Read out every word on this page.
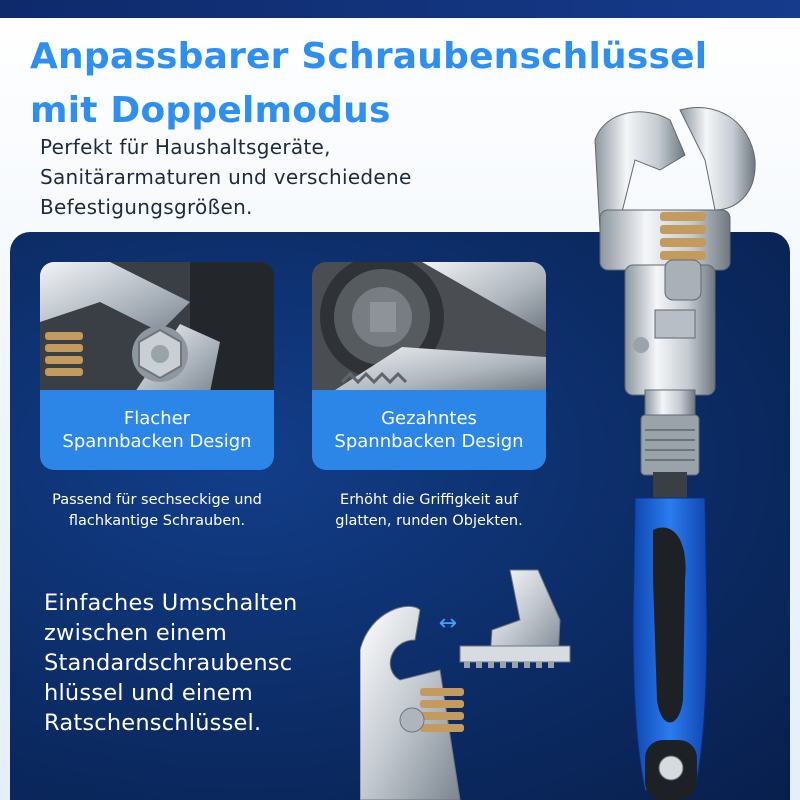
Anpassbarer Schraubenschlüssel mit Doppelmodus

Perfekt für Haushaltsgeräte, Sanitärarmaturen und verschiedene Befestigungsgrößen.

Flacher Spannbacken Design
Gezahntes Spannbacken Design

Passend für sechseckige und flachkantige Schrauben.

Erhöht die Griffigkeit auf glatten, runden Objekten.

Einfaches Umschalten zwischen einem Standardschraubensc hlüssel und einem Ratschenschlüssel.

↔
